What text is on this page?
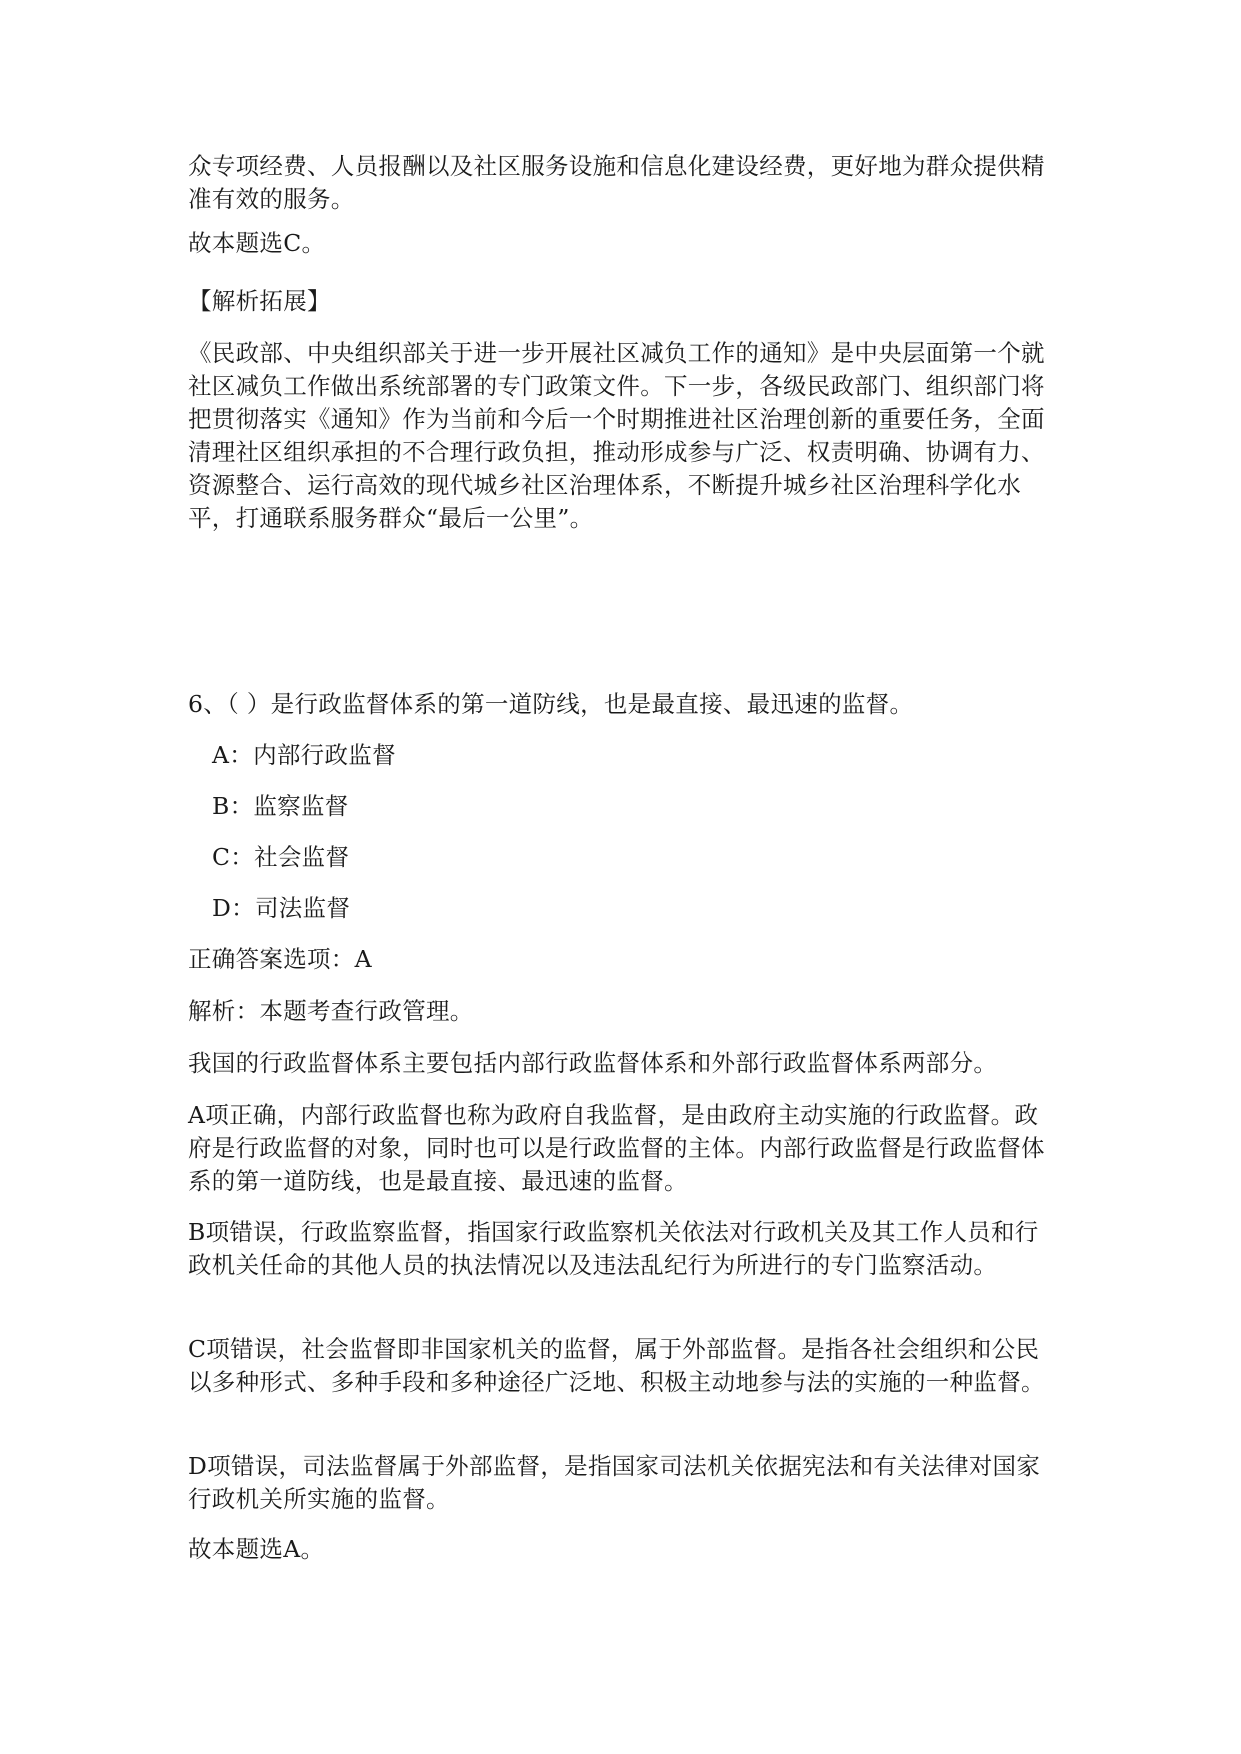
众专项经费、人员报酬以及社区服务设施和信息化建设经费，更好地为群众提供精准有效的服务。

故本题选C。

【解析拓展】

《民政部、中央组织部关于进一步开展社区减负工作的通知》是中央层面第一个就社区减负工作做出系统部署的专门政策文件。下一步，各级民政部门、组织部门将把贯彻落实《通知》作为当前和今后一个时期推进社区治理创新的重要任务，全面清理社区组织承担的不合理行政负担，推动形成参与广泛、权责明确、协调有力、资源整合、运行高效的现代城乡社区治理体系，不断提升城乡社区治理科学化水平，打通联系服务群众“最后一公里”。

6、（ ）是行政监督体系的第一道防线，也是最直接、最迅速的监督。

A：内部行政监督

B：监察监督

C：社会监督

D：司法监督

正确答案选项：A

解析：本题考查行政管理。

我国的行政监督体系主要包括内部行政监督体系和外部行政监督体系两部分。

A项正确，内部行政监督也称为政府自我监督，是由政府主动实施的行政监督。政府是行政监督的对象，同时也可以是行政监督的主体。内部行政监督是行政监督体系的第一道防线，也是最直接、最迅速的监督。

B项错误，行政监察监督，指国家行政监察机关依法对行政机关及其工作人员和行政机关任命的其他人员的执法情况以及违法乱纪行为所进行的专门监察活动。

C项错误，社会监督即非国家机关的监督，属于外部监督。是指各社会组织和公民以多种形式、多种手段和多种途径广泛地、积极主动地参与法的实施的一种监督。

D项错误，司法监督属于外部监督，是指国家司法机关依据宪法和有关法律对国家行政机关所实施的监督。

故本题选A。
